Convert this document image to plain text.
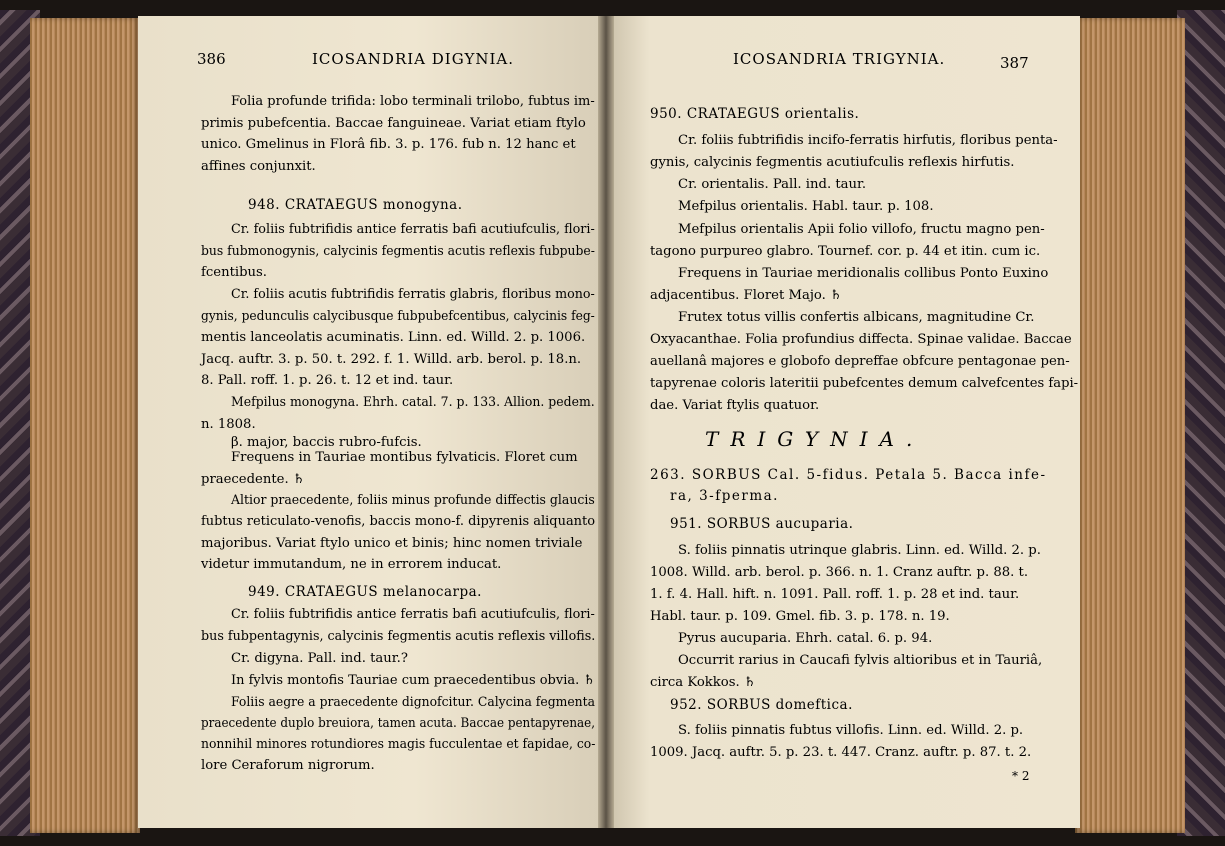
386	ICOSANDRIA DIGYNIA.
Folia profunde trifida: lobo terminali trilobo, fubtus im-
primis pubefcentia. Baccae fanguineae. Variat etiam ftylo
unico. Gmelinus in Florâ fib. 3. p. 176. fub n. 12 hanc et
affines conjunxit.
948. CRATAEGUS monogyna.
Cr. foliis fubtrifidis antice ferratis bafi acutiufculis, flori-
bus fubmonogynis, calycinis fegmentis acutis reflexis fubpube-
fcentibus.
Cr. foliis acutis fubtrifidis ferratis glabris, floribus mono-
gynis, pedunculis calycibusque fubpubefcentibus, calycinis feg-
mentis lanceolatis acuminatis. Linn. ed. Willd. 2. p. 1006.
Jacq. auftr. 3. p. 50. t. 292. f. 1. Willd. arb. berol. p. 18.n.
8. Pall. roff. 1. p. 26. t. 12 et ind. taur.
Mefpilus monogyna. Ehrh. catal. 7. p. 133. Allion. pedem.
n. 1808.
β. major, baccis rubro-fufcis.
Frequens in Tauriae montibus fylvaticis. Floret cum
praecedente. ♄
Altior praecedente, foliis minus profunde diffectis glaucis
fubtus reticulato-venofis, baccis mono-f. dipyrenis aliquanto
majoribus. Variat ftylo unico et binis; hinc nomen triviale
videtur immutandum, ne in errorem inducat.
949. CRATAEGUS melanocarpa.
Cr. foliis fubtrifidis antice ferratis bafi acutiufculis, flori-
bus fubpentagynis, calycinis fegmentis acutis reflexis villofis.
Cr. digyna. Pall. ind. taur.?
In fylvis montofis Tauriae cum praecedentibus obvia. ♄
Foliis aegre a praecedente dignofcitur. Calycina fegmenta
praecedente duplo breuiora, tamen acuta. Baccae pentapyrenae,
nonnihil minores rotundiores magis fucculentae et fapidae, co-
lore Ceraforum nigrorum.
ICOSANDRIA TRIGYNIA.	387
950. CRATAEGUS orientalis.
Cr. foliis fubtrifidis incifo-ferratis hirfutis, floribus penta-
gynis, calycinis fegmentis acutiufculis reflexis hirfutis.
Cr. orientalis. Pall. ind. taur.
Mefpilus orientalis. Habl. taur. p. 108.
Mefpilus orientalis Apii folio villofo, fructu magno pen-
tagono purpureo glabro. Tournef. cor. p. 44 et itin. cum ic.
Frequens in Tauriae meridionalis collibus Ponto Euxino
adjacentibus. Floret Majo. ♄
Frutex totus villis confertis albicans, magnitudine Cr.
Oxyacanthae. Folia profundius diffecta. Spinae validae. Baccae
auellanâ majores e globofo depreffae obfcure pentagonae pen-
tapyrenae coloris lateritii pubefcentes demum calvefcentes fapi-
dae. Variat ftylis quatuor.
TRIGYNIA.
263. SORBUS Cal. 5-fidus. Petala 5. Bacca infe-
ra, 3-fperma.
951. SORBUS aucuparia.
S. foliis pinnatis utrinque glabris. Linn. ed. Willd. 2. p.
1008. Willd. arb. berol. p. 366. n. 1. Cranz auftr. p. 88. t.
1. f. 4. Hall. hift. n. 1091. Pall. roff. 1. p. 28 et ind. taur.
Habl. taur. p. 109. Gmel. fib. 3. p. 178. n. 19.
Pyrus aucuparia. Ehrh. catal. 6. p. 94.
Occurrit rarius in Caucafi fylvis altioribus et in Tauriâ,
circa Kokkos. ♄
952. SORBUS domeftica.
S. foliis pinnatis fubtus villofis. Linn. ed. Willd. 2. p.
1009. Jacq. auftr. 5. p. 23. t. 447. Cranz. auftr. p. 87. t. 2.
* 2
